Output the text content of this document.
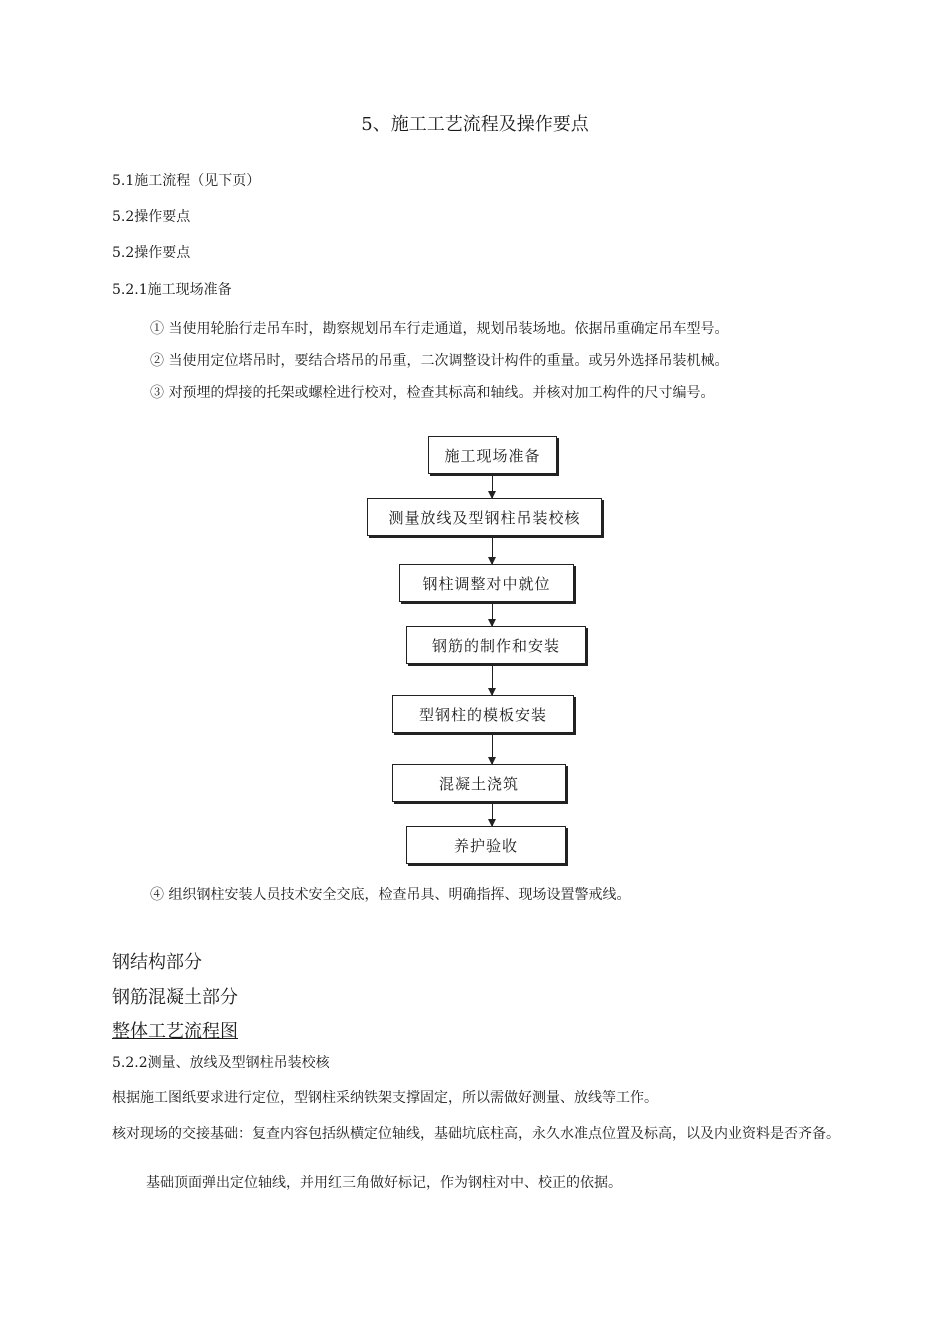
5、施工工艺流程及操作要点
5.1施工流程（见下页）
5.2操作要点
5.2操作要点
5.2.1施工现场准备
① 当使用轮胎行走吊车时，勘察规划吊车行走通道，规划吊装场地。依据吊重确定吊车型号。
② 当使用定位塔吊时，要结合塔吊的吊重，二次调整设计构件的重量。或另外选择吊装机械。
③ 对预埋的焊接的托架或螺栓进行校对，检查其标高和轴线。并核对加工构件的尺寸编号。
施工现场准备
测量放线及型钢柱吊装校核
钢柱调整对中就位
钢筋的制作和安装
型钢柱的模板安装
混凝土浇筑
养护验收
④ 组织钢柱安装人员技术安全交底，检查吊具、明确指挥、现场设置警戒线。
钢结构部分
钢筋混凝土部分
整体工艺流程图
5.2.2测量、放线及型钢柱吊装校核
根据施工图纸要求进行定位，型钢柱采纳铁架支撑固定，所以需做好测量、放线等工作。
核对现场的交接基础：复查内容包括纵横定位轴线，基础坑底柱高，永久水准点位置及标高，以及内业资料是否齐备。
基础顶面弹出定位轴线，并用红三角做好标记，作为钢柱对中、校正的依据。
